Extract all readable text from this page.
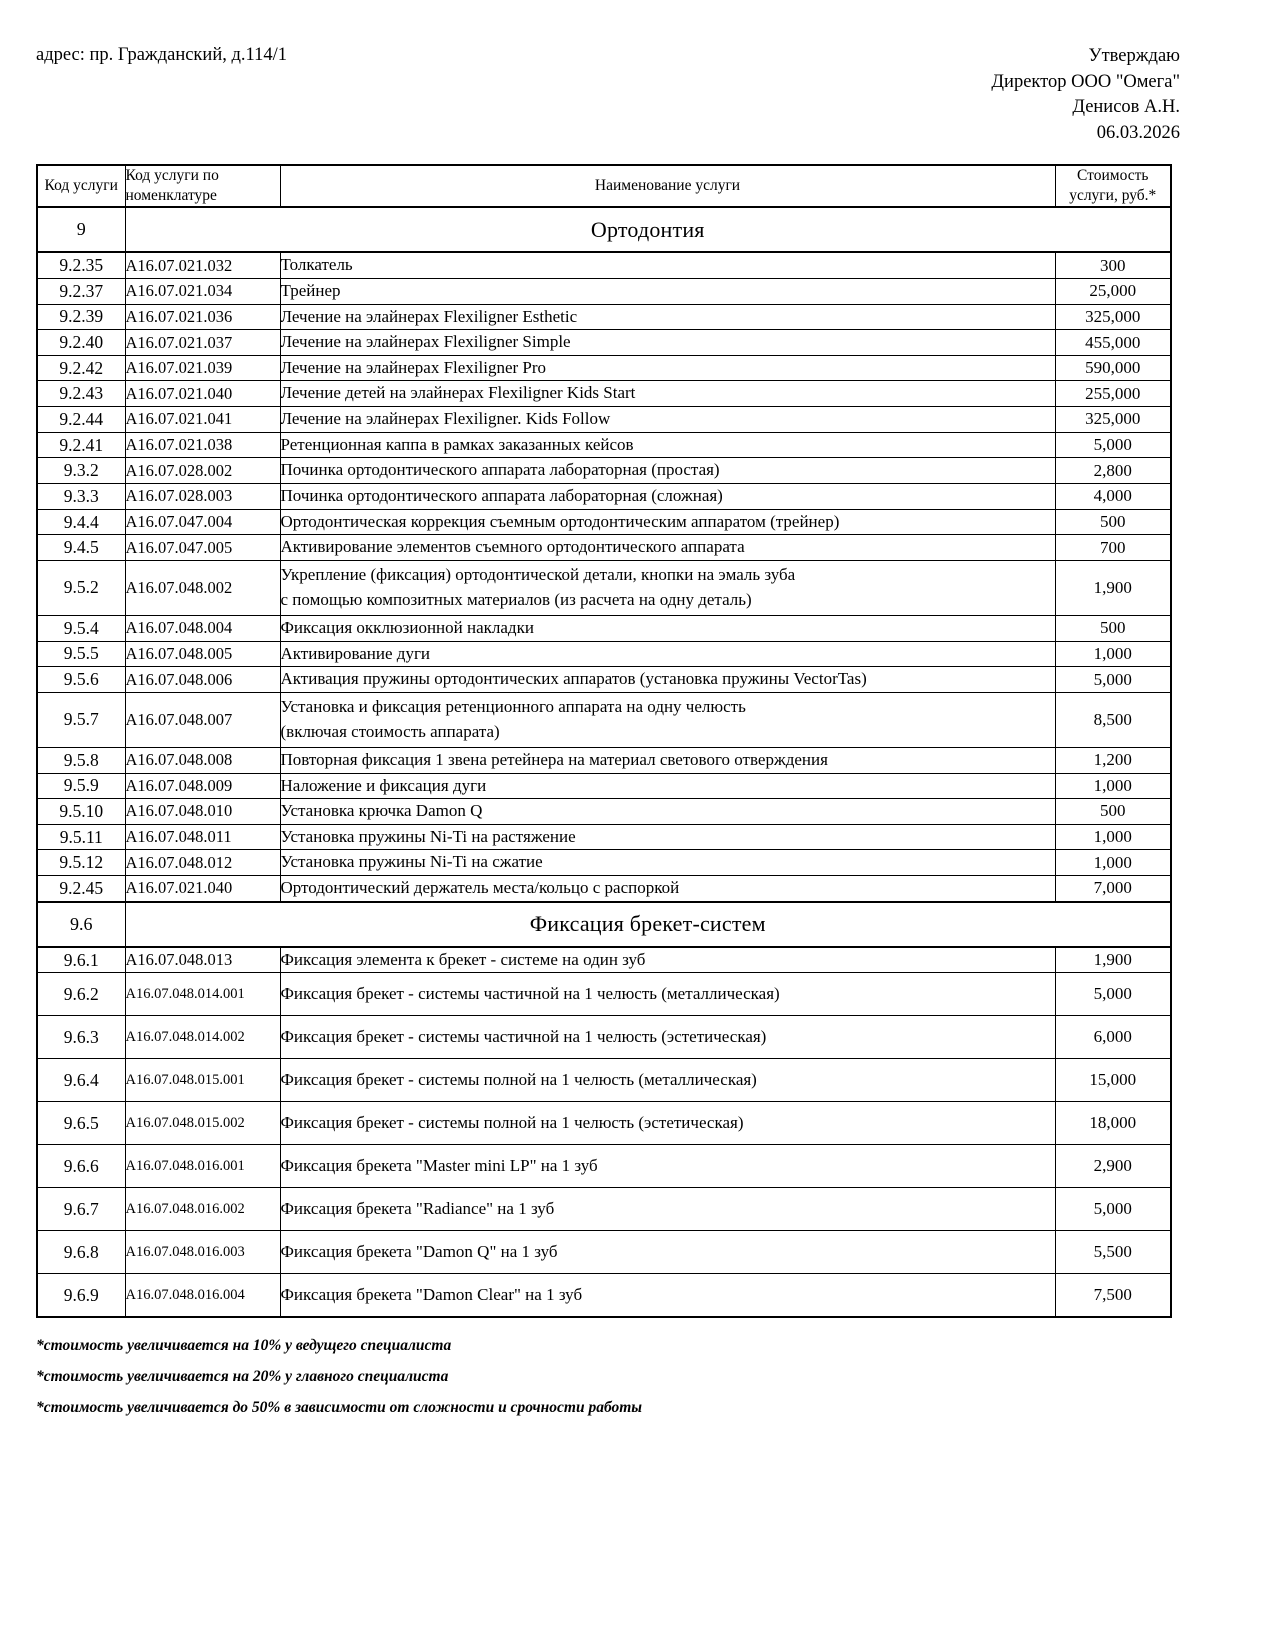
адрес: пр. Гражданский, д.114/1	Утверждаю
Директор ООО "Омега"
Денисов А.Н.
06.03.2026
Код услуги	Код услуги по номенклатуре	Наименование услуги	Стоимость услуги, руб.*
9	Ортодонтия		
9.2.35	A16.07.021.032	Толкатель	300
9.2.37	A16.07.021.034	Трейнер	25,000
9.2.39	A16.07.021.036	Лечение на элайнерах Flexiligner Esthetic	325,000
9.2.40	A16.07.021.037	Лечение на элайнерах Flexiligner Simple	455,000
9.2.42	A16.07.021.039	Лечение на элайнерах Flexiligner Pro	590,000
9.2.43	A16.07.021.040	Лечение детей на элайнерах Flexiligner Kids Start	255,000
9.2.44	A16.07.021.041	Лечение на элайнерах Flexiligner. Kids Follow	325,000
9.2.41	A16.07.021.038	Ретенционная каппа в рамках заказанных кейсов	5,000
9.3.2	A16.07.028.002	Починка ортодонтического аппарата лабораторная (простая)	2,800
9.3.3	A16.07.028.003	Починка ортодонтического аппарата лабораторная (сложная)	4,000
9.4.4	A16.07.047.004	Ортодонтическая коррекция съемным ортодонтическим аппаратом (трейнер)	500
9.4.5	A16.07.047.005	Активирование элементов съемного ортодонтического аппарата	700
9.5.2	A16.07.048.002	Укрепление (фиксация) ортодонтической детали, кнопки на эмаль зуба
с помощью композитных материалов (из расчета на одну деталь)	1,900
9.5.4	A16.07.048.004	Фиксация окклюзионной накладки	500
9.5.5	A16.07.048.005	Активирование дуги	1,000
9.5.6	A16.07.048.006	Активация пружины ортодонтических аппаратов (установка пружины VectorTas)	5,000
9.5.7	A16.07.048.007	Установка и фиксация ретенционного аппарата на одну челюсть
(включая стоимость аппарата)	8,500
9.5.8	A16.07.048.008	Повторная фиксация 1 звена ретейнера на материал светового отверждения	1,200
9.5.9	A16.07.048.009	Наложение и фиксация дуги	1,000
9.5.10	A16.07.048.010	Установка крючка Damon Q	500
9.5.11	A16.07.048.011	Установка пружины Ni-Ti на растяжение	1,000
9.5.12	A16.07.048.012	Установка пружины Ni-Ti на сжатие	1,000
9.2.45	A16.07.021.040	Ортодонтический держатель места/кольцо с распоркой	7,000
9.6	Фиксация брекет-систем		
9.6.1	A16.07.048.013	Фиксация элемента к брекет - системе на один зуб	1,900
9.6.2	A16.07.048.014.001	Фиксация брекет - системы частичной на 1 челюсть (металлическая)	5,000
9.6.3	A16.07.048.014.002	Фиксация брекет - системы частичной на 1 челюсть (эстетическая)	6,000
9.6.4	A16.07.048.015.001	Фиксация брекет - системы полной на 1 челюсть (металлическая)	15,000
9.6.5	A16.07.048.015.002	Фиксация брекет - системы полной на 1 челюсть (эстетическая)	18,000
9.6.6	A16.07.048.016.001	Фиксация брекета "Master mini LP" на 1 зуб	2,900
9.6.7	A16.07.048.016.002	Фиксация брекета "Radiance" на 1 зуб	5,000
9.6.8	A16.07.048.016.003	Фиксация брекета "Damon Q" на 1 зуб	5,500
9.6.9	A16.07.048.016.004	Фиксация брекета "Damon Clear" на 1 зуб	7,500
*стоимость увеличивается на 10% у ведущего специалиста
*стоимость увеличивается на 20% у главного специалиста
*стоимость увеличивается до 50% в зависимости от сложности и срочности работы
